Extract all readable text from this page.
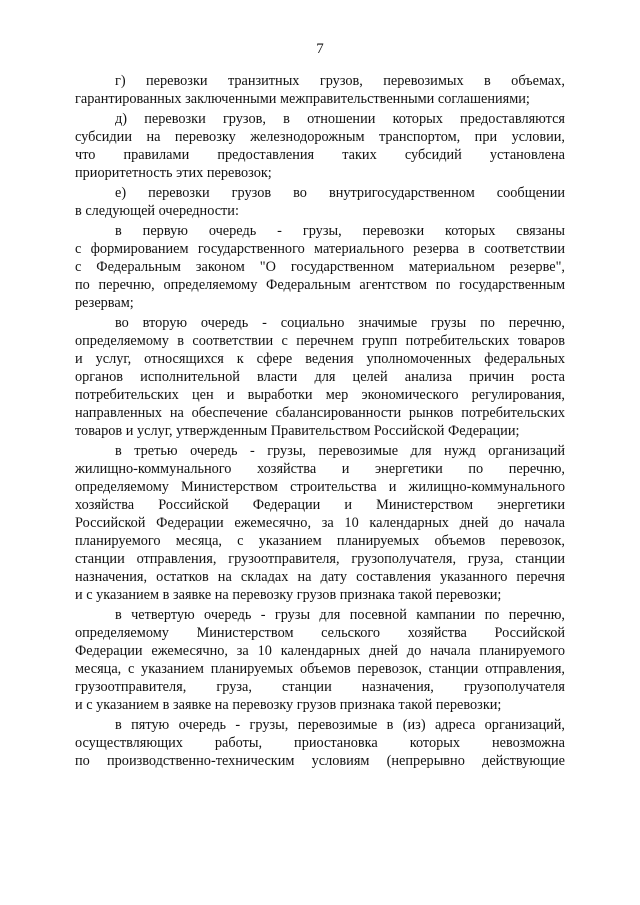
7
г) перевозки транзитных грузов, перевозимых в объемах,
гарантированных заключенными межправительственными соглашениями;
д) перевозки грузов, в отношении которых предоставляются
субсидии на перевозку железнодорожным транспортом, при условии,
что правилами предоставления таких субсидий установлена
приоритетность этих перевозок;
е) перевозки грузов во внутригосударственном сообщении
в следующей очередности:
в первую очередь - грузы, перевозки которых связаны
с формированием государственного материального резерва в соответствии
с Федеральным законом "О государственном материальном резерве",
по перечню, определяемому Федеральным агентством по государственным
резервам;
во вторую очередь - социально значимые грузы по перечню,
определяемому в соответствии с перечнем групп потребительских товаров
и услуг, относящихся к сфере ведения уполномоченных федеральных
органов исполнительной власти для целей анализа причин роста
потребительских цен и выработки мер экономического регулирования,
направленных на обеспечение сбалансированности рынков потребительских
товаров и услуг, утвержденным Правительством Российской Федерации;
в третью очередь - грузы, перевозимые для нужд организаций
жилищно-коммунального хозяйства и энергетики по перечню,
определяемому Министерством строительства и жилищно-коммунального
хозяйства Российской Федерации и Министерством энергетики
Российской Федерации ежемесячно, за 10 календарных дней до начала
планируемого месяца, с указанием планируемых объемов перевозок,
станции отправления, грузоотправителя, грузополучателя, груза, станции
назначения, остатков на складах на дату составления указанного перечня
и с указанием в заявке на перевозку грузов признака такой перевозки;
в четвертую очередь - грузы для посевной кампании по перечню,
определяемому Министерством сельского хозяйства Российской
Федерации ежемесячно, за 10 календарных дней до начала планируемого
месяца, с указанием планируемых объемов перевозок, станции отправления,
грузоотправителя, груза, станции назначения, грузополучателя
и с указанием в заявке на перевозку грузов признака такой перевозки;
в пятую очередь - грузы, перевозимые в (из) адреса организаций,
осуществляющих работы, приостановка которых невозможна
по производственно-техническим условиям (непрерывно действующие
